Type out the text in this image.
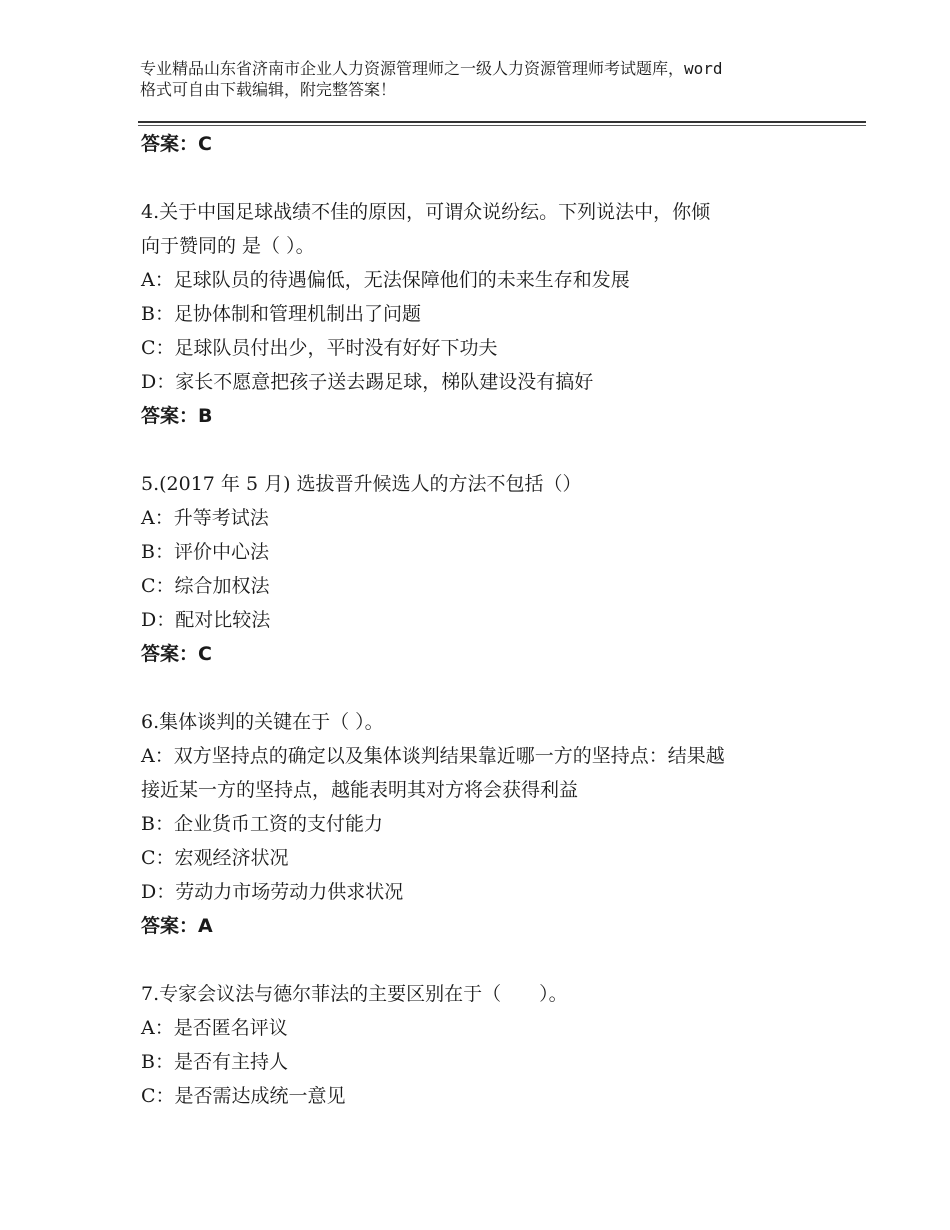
专业精品山东省济南市企业人力资源管理师之一级人力资源管理师考试题库，word
格式可自由下载编辑，附完整答案！
答案：C
4.关于中国足球战绩不佳的原因，可谓众说纷纭。下列说法中，你倾
向于赞同的 是（ ）。
A：足球队员的待遇偏低，无法保障他们的未来生存和发展
B：足协体制和管理机制出了问题
C：足球队员付出少，平时没有好好下功夫
D：家长不愿意把孩子送去踢足球，梯队建设没有搞好
答案：B
5.(2017 年 5 月) 选拔晋升候选人的方法不包括（）
A：升等考试法
B：评价中心法
C：综合加权法
D：配对比较法
答案：C
6.集体谈判的关键在于（ ）。
A：双方坚持点的确定以及集体谈判结果靠近哪一方的坚持点：结果越
接近某一方的坚持点，越能表明其对方将会获得利益
B：企业货币工资的支付能力
C：宏观经济状况
D：劳动力市场劳动力供求状况
答案：A
7.专家会议法与德尔菲法的主要区别在于（　　）。
A：是否匿名评议
B：是否有主持人
C：是否需达成统一意见
